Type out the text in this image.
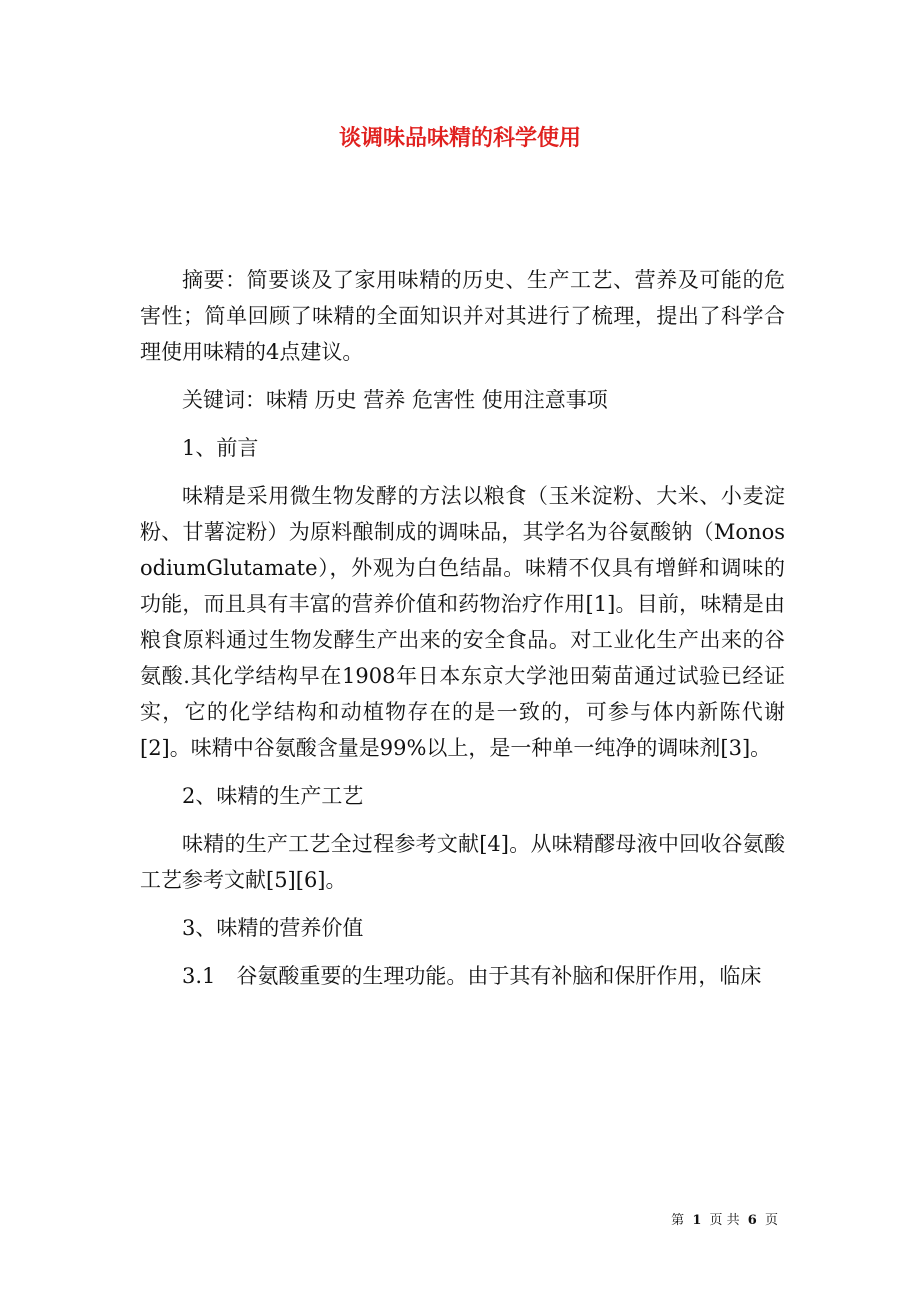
谈调味品味精的科学使用

摘要：简要谈及了家用味精的历史、生产工艺、营养及可能的危害性；简单回顾了味精的全面知识并对其进行了梳理，提出了科学合理使用味精的4点建议。

关键词：味精 历史 营养 危害性 使用注意事项

1、前言

味精是采用微生物发酵的方法以粮食（玉米淀粉、大米、小麦淀粉、甘薯淀粉）为原料酿制成的调味品，其学名为谷氨酸钠（MonosodiumGlutamate），外观为白色结晶。味精不仅具有增鲜和调味的功能，而且具有丰富的营养价值和药物治疗作用[1]。目前，味精是由粮食原料通过生物发酵生产出来的安全食品。对工业化生产出来的谷氨酸.其化学结构早在1908年日本东京大学池田菊苗通过试验已经证实，它的化学结构和动植物存在的是一致的，可参与体内新陈代谢[2]。味精中谷氨酸含量是99%以上，是一种单一纯净的调味剂[3]。

2、味精的生产工艺

味精的生产工艺全过程参考文献[4]。从味精醪母液中回收谷氨酸工艺参考文献[5][6]。

3、味精的营养价值

3.1　谷氨酸重要的生理功能。由于其有补脑和保肝作用，临床

第 1 页 共 6 页
